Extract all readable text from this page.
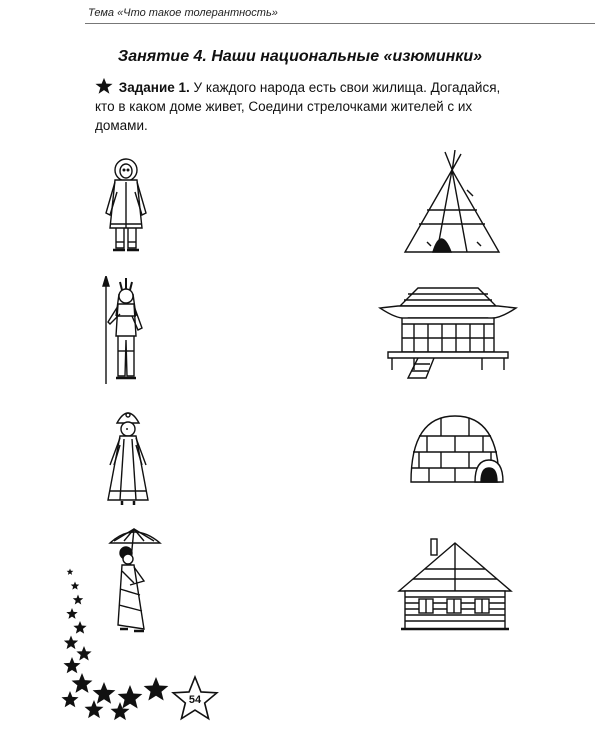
Тема «Что такое толерантность»
Занятие 4. Наши национальные «изюминки»
Задание 1. У каждого народа есть свои жилища. Догадайся, кто в каком доме живет, Соедини стрелочками жителей с их домами.
54
